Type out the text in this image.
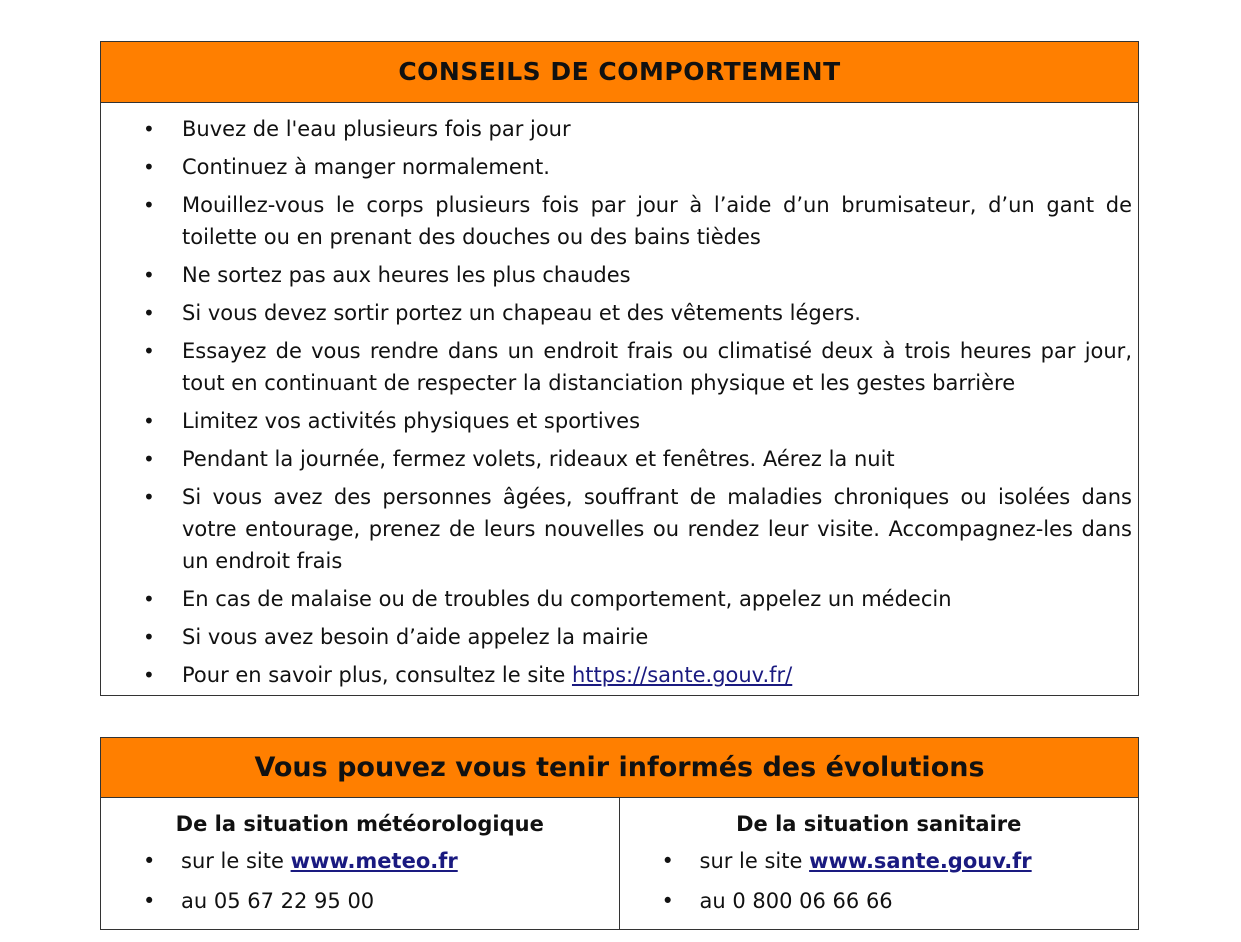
CONSEILS DE COMPORTEMENT
• Buvez de l'eau plusieurs fois par jour
• Continuez à manger normalement.
• Mouillez-vous le corps plusieurs fois par jour à l’aide d’un brumisateur, d’un gant de toilette ou en prenant des douches ou des bains tièdes
• Ne sortez pas aux heures les plus chaudes
• Si vous devez sortir portez un chapeau et des vêtements légers.
• Essayez de vous rendre dans un endroit frais ou climatisé deux à trois heures par jour, tout en continuant de respecter la distanciation physique et les gestes barrière
• Limitez vos activités physiques et sportives
• Pendant la journée, fermez volets, rideaux et fenêtres. Aérez la nuit
• Si vous avez des personnes âgées, souffrant de maladies chroniques ou isolées dans votre entourage, prenez de leurs nouvelles ou rendez leur visite. Accompagnez-les dans un endroit frais
• En cas de malaise ou de troubles du comportement, appelez un médecin
• Si vous avez besoin d’aide appelez la mairie
• Pour en savoir plus, consultez le site https://sante.gouv.fr/
Vous pouvez vous tenir informés des évolutions
De la situation météorologique
• sur le site www.meteo.fr
• au 05 67 22 95 00
De la situation sanitaire
• sur le site www.sante.gouv.fr
• au 0 800 06 66 66
